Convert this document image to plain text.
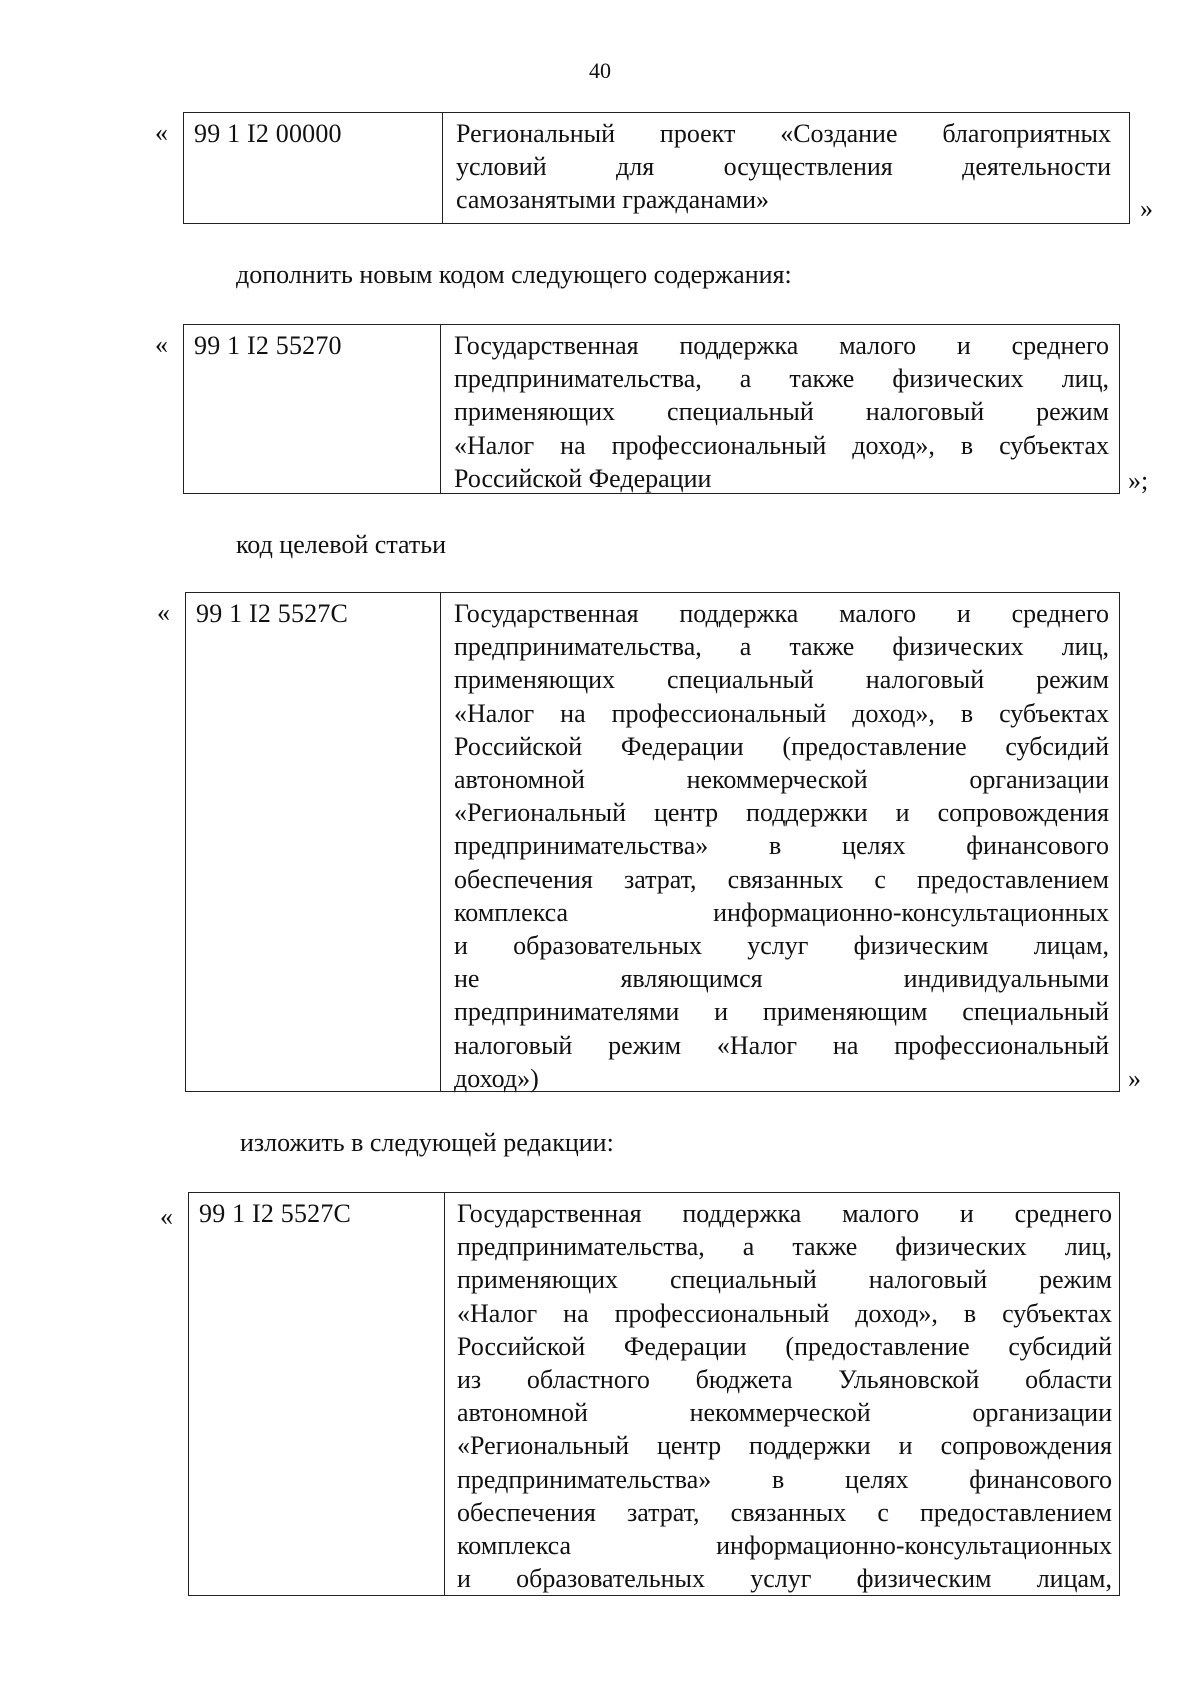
40
« 99 1 I2 00000	Региональный проект «Создание благоприятных
условий для осуществления деятельности
самозанятыми гражданами»	»
дополнить новым кодом следующего содержания:
« 99 1 I2 55270	Государственная поддержка малого и среднего
предпринимательства, а также физических лиц,
применяющих специальный налоговый режим
«Налог на профессиональный доход», в субъектах
Российской Федерации	»;
код целевой статьи
« 99 1 I2 5527C	Государственная поддержка малого и среднего
предпринимательства, а также физических лиц,
применяющих специальный налоговый режим
«Налог на профессиональный доход», в субъектах
Российской Федерации (предоставление субсидий
автономной некоммерческой организации
«Региональный центр поддержки и сопровождения
предпринимательства» в целях финансового
обеспечения затрат, связанных с предоставлением
комплекса информационно-консультационных
и образовательных услуг физическим лицам,
не являющимся индивидуальными
предпринимателями и применяющим специальный
налоговый режим «Налог на профессиональный
доход»)	»
изложить в следующей редакции:
« 99 1 I2 5527C	Государственная поддержка малого и среднего
предпринимательства, а также физических лиц,
применяющих специальный налоговый режим
«Налог на профессиональный доход», в субъектах
Российской Федерации (предоставление субсидий
из областного бюджета Ульяновской области
автономной некоммерческой организации
«Региональный центр поддержки и сопровождения
предпринимательства» в целях финансового
обеспечения затрат, связанных с предоставлением
комплекса информационно-консультационных
и образовательных услуг физическим лицам,
